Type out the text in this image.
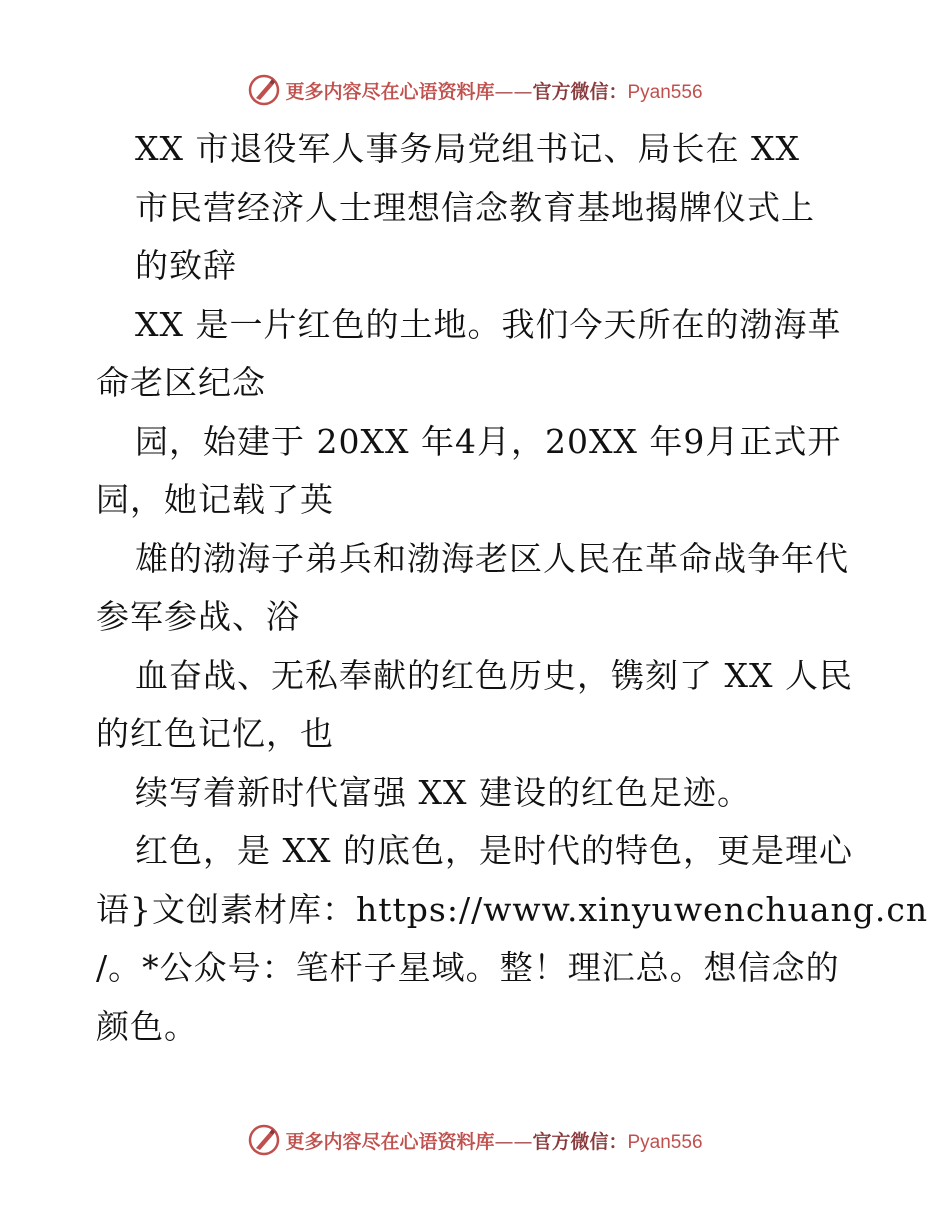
更多内容尽在心语资料库——官方微信：Pyan556
XX 市退役军人事务局党组书记、局长在 XX
市民营经济人士理想信念教育基地揭牌仪式上
的致辞
XX 是一片红色的土地。我们今天所在的渤海革
命老区纪念
园，始建于 20XX 年4月，20XX 年9月正式开
园，她记载了英
雄的渤海子弟兵和渤海老区人民在革命战争年代
参军参战、浴
血奋战、无私奉献的红色历史，镌刻了 XX 人民
的红色记忆，也
续写着新时代富强 XX 建设的红色足迹。
红色，是 XX 的底色，是时代的特色，更是理心
语}文创素材库：https://www.xinyuwenchuang.cn
/。*公众号：笔杆子星域。整！理汇总。想信念的
颜色。
更多内容尽在心语资料库——官方微信：Pyan556
